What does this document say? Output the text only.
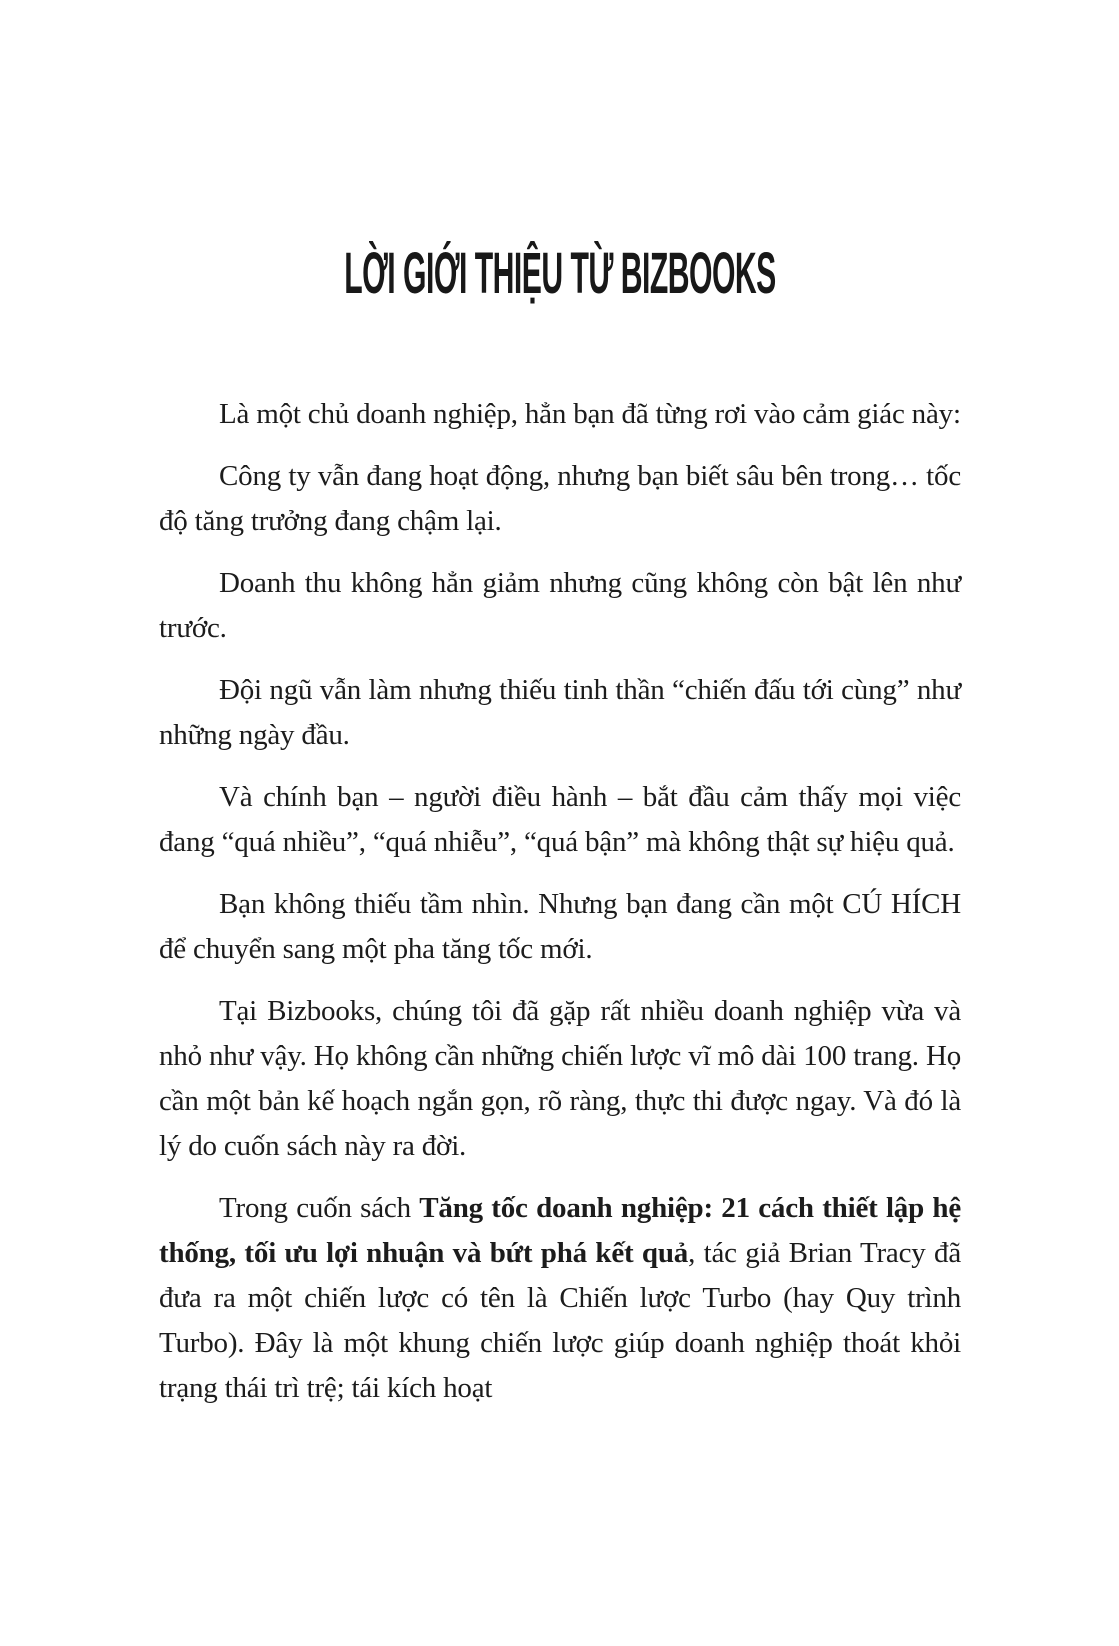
LỜI GIỚI THIỆU TỪ BIZBOOKS

Là một chủ doanh nghiệp, hẳn bạn đã từng rơi vào cảm giác này:

Công ty vẫn đang hoạt động, nhưng bạn biết sâu bên trong… tốc độ tăng trưởng đang chậm lại.

Doanh thu không hẳn giảm nhưng cũng không còn bật lên như trước.

Đội ngũ vẫn làm nhưng thiếu tinh thần “chiến đấu tới cùng” như những ngày đầu.

Và chính bạn – người điều hành – bắt đầu cảm thấy mọi việc đang “quá nhiều”, “quá nhiễu”, “quá bận” mà không thật sự hiệu quả.

Bạn không thiếu tầm nhìn. Nhưng bạn đang cần một CÚ HÍCH để chuyển sang một pha tăng tốc mới.

Tại Bizbooks, chúng tôi đã gặp rất nhiều doanh nghiệp vừa và nhỏ như vậy. Họ không cần những chiến lược vĩ mô dài 100 trang. Họ cần một bản kế hoạch ngắn gọn, rõ ràng, thực thi được ngay. Và đó là lý do cuốn sách này ra đời.

Trong cuốn sách Tăng tốc doanh nghiệp: 21 cách thiết lập hệ thống, tối ưu lợi nhuận và bứt phá kết quả, tác giả Brian Tracy đã đưa ra một chiến lược có tên là Chiến lược Turbo (hay Quy trình Turbo). Đây là một khung chiến lược giúp doanh nghiệp thoát khỏi trạng thái trì trệ; tái kích hoạt
